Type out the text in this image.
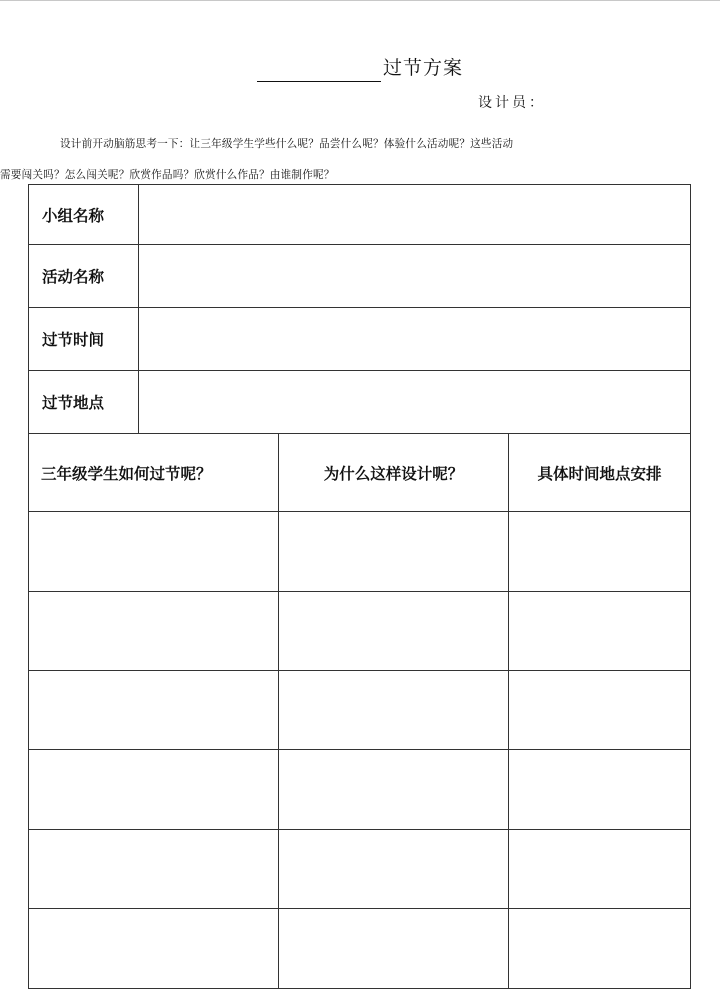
过节方案
设计员：
设计前开动脑筋思考一下：让三年级学生学些什么呢？品尝什么呢？体验什么活动呢？这些活动
需要闯关吗？怎么闯关呢？欣赏作品吗？欣赏什么作品？由谁制作呢？
小组名称			
活动名称			
过节时间			
过节地点			
三年级学生如何过节呢？		为什么这样设计呢？	具体时间地点安排
